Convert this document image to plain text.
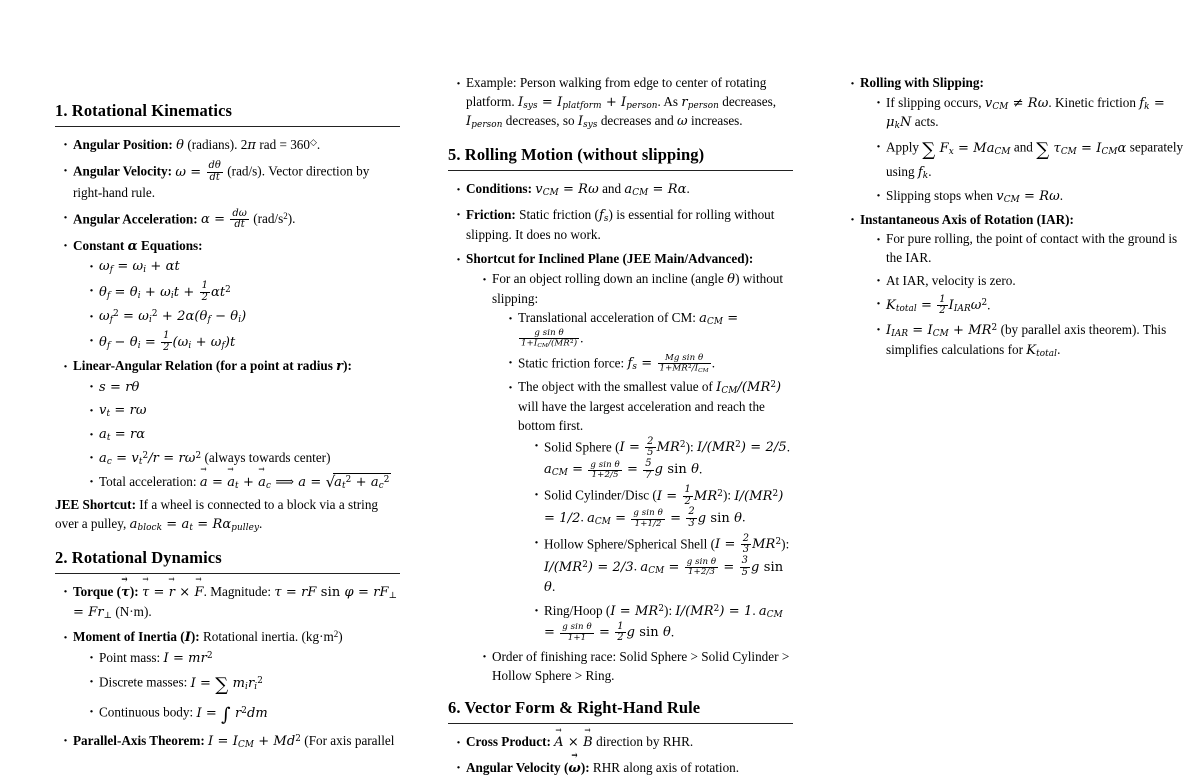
1. Rotational Kinematics
· Angular Position: θ (radians). 2π rad = 360◇.
· Angular Velocity: $\omega = \frac{d\theta}{dt} (rad/s)$. Vector direction by right-hand rule.
· Angular Acceleration: $\alpha = \frac{d\omega}{dt} (rad/s^2)$.
· Constant α Equations:
· $\omega_f = \omega_i + \alpha t$
· $\theta_f = \theta_i + \omega_it + \frac{1}{2} \alpha t^2$
· $\omega_f^2 = \omega_i^2 + 2\alpha(\theta_f - \theta_i)$
· $\theta_f - \theta_i = \frac{1}{2} (\omega_i + \omega_f)t$
· Linear-Angular Relation (for a point at radius r):
· s = rθ
· $v_t = r\omega$
· $a_t = r\alpha$
· $a_c = v_t^2/r = r\omega^2$ (always towards center)
· Total acceleration: a → = $a \to_t + a \to_c$ ⟹ a = √ $a_t^2 + a_c^2$

JEE Shortcut: If a wheel is connected to a block via a string over a pulley, $a_{block} = a_t = R\alpha_{pulley}$.

2. Rotational Dynamics
· Torque (τ →): τ → = r → × F →. Magnitude: τ = rF $\sin \varphi = rF_\perp = Fr_\perp$ (N·m).
· Moment of Inertia (I): Rotational inertia. $(kg\cdot m^2)$
· Point mass: $I = mr^2$
· Discrete masses: I = ∑ $m_ir_i^2$
· Continuous body: I = ∫ $r^2dm$
· Parallel-Axis Theorem: $I = I_{CM} + Md^2$ (For axis parallel
· Example: Person walking from edge to center of rotating platform. $I_{sys} = I_{platform} + I_{person}$. As $r_{person}$ decreases, $I_{person}$ decreases, so $I_{sys}$ decreases and ω increases.
5. Rolling Motion (without slipping)
· Conditions: $v_{CM} = R\omega$ and $a_{CM} = R\alpha$.
· Friction: Static friction $(f_s)$ is essential for rolling without slipping. It does no work.
· Shortcut for Inclined Plane (JEE Main/Advanced):
· For an object rolling down an incline (angle θ) without slipping:
· Translational acceleration of CM: $a_{CM}$ =
$\frac{\text{g sin θ}}{1+I_{CM}/(MR^2)}$ .
· Static friction force: $f_s = \frac{\text{Mg sin θ}}{1+MR^2/I_{CM}}$ .
· The object with the smallest value of $I_{CM}/(MR^2)$ will have the largest acceleration and reach the bottom first.
· Solid Sphere $(I = \frac{2}{5} MR^2)$: $I/(MR^2) = 2/5$. $a_{CM} = \frac{\text{g sin θ}}{1+2/5} = \frac{5}{7}$ g sin θ.
· Solid Cylinder/Disc $(I = \frac{1}{2} MR^2)$: $I/(MR^2) = 1/2$. $a_{CM} = \frac{\text{g sin θ}}{1+1/2} = \frac{2}{3}$ g sin θ.
· Hollow Sphere/Spherical Shell $(I = \frac{2}{3} MR^2)$: $I/(MR^2) = 2/3$. $a_{CM} = \frac{\text{g sin θ}}{1+2/3} = \frac{3}{5}$ g sin θ.
· Ring/Hoop $(I = MR^2)$: $I/(MR^2) = 1$. $a_{CM} = \frac{\text{g sin θ}}{1+1} = \frac{1}{2}$ g sin θ.
· Order of finishing race: Solid Sphere > Solid Cylinder > Hollow Sphere > Ring.
6. Vector Form & Right-Hand Rule
· Cross Product: A → × B → direction by RHR.
· Angular Velocity (ω →): RHR along axis of rotation.
· Rolling with Slipping:
· If slipping occurs, $v_{CM} \ne R\omega$. Kinetic friction $f_k = \mu_kN$ acts.
· Apply ∑ $F_x = Ma_{CM}$ and ∑ $\tau_{CM} = I_{CM}\alpha$ separately using $f_k$.
· Slipping stops when $v_{CM} = R\omega$.
· Instantaneous Axis of Rotation (IAR):
· For pure rolling, the point of contact with the ground is the IAR.
· At IAR, velocity is zero.
· $K_{total} = \frac{1}{2} I_{IAR}\omega^2$.
· $I_{IAR} = I_{CM} + MR^2$ (by parallel axis theorem). This simplifies calculations for $K_{total}$.
